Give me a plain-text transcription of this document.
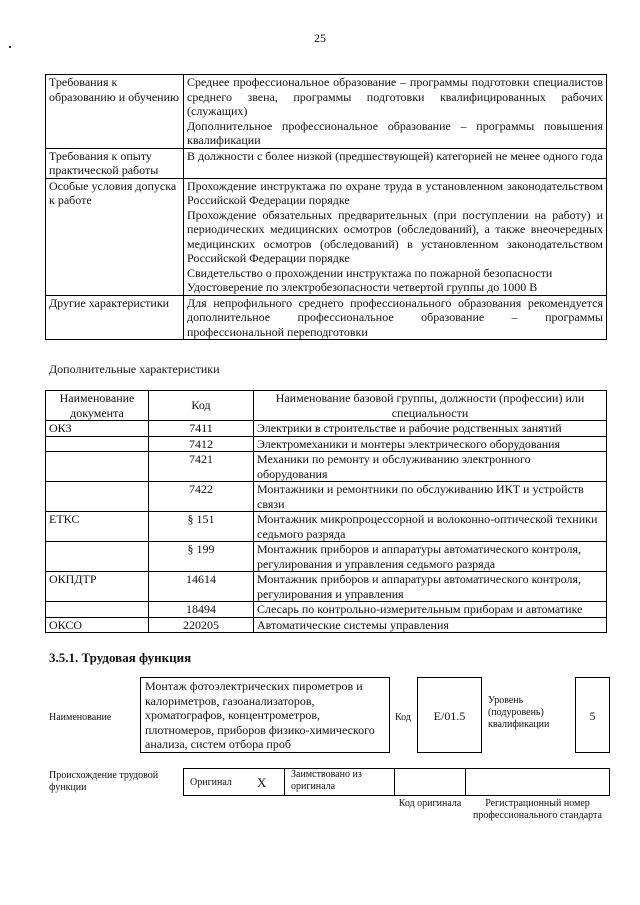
25
Требования к образованию и обучению	Среднее профессиональное образование – программы подготовки специалистов среднего звена, программы подготовки квалифицированных рабочих (служащих)
Дополнительное профессиональное образование – программы повышения квалификации

Требования к опыту практической работы	В должности с более низкой (предшествующей) категорией не менее одного года

Особые условия допуска к работе	Прохождение инструктажа по охране труда в установленном законодательством Российской Федерации порядке
Прохождение обязательных предварительных (при поступлении на работу) и периодических медицинских осмотров (обследований), а также внеочередных медицинских осмотров (обследований) в установленном законодательством Российской Федерации порядке
Свидетельство о прохождении инструктажа по пожарной безопасности
Удостоверение по электробезопасности четвертой группы до 1000 В

Другие характеристики	Для непрофильного среднего профессионального образования рекомендуется дополнительное профессиональное образование – программы профессиональной переподготовки
Дополнительные характеристики
Наименование документа	Код	Наименование базовой группы, должности (профессии) или специальности
ОКЗ	7411	Электрики в строительстве и рабочие родственных занятий
	7412	Электромеханики и монтеры электрического оборудования
	7421	Механики по ремонту и обслуживанию электронного оборудования
	7422	Монтажники и ремонтники по обслуживанию ИКТ и устройств связи
ЕТКС	§ 151	Монтажник микропроцессорной и волоконно-оптической техники седьмого разряда
	§ 199	Монтажник приборов и аппаратуры автоматического контроля, регулирования и управления седьмого разряда
ОКПДТР	14614	Монтажник приборов и аппаратуры автоматического контроля, регулирования и управления
	18494	Слесарь по контрольно-измерительным приборам и автоматике
ОКСО	220205	Автоматические системы управления
3.5.1. Трудовая функция
Наименование
Монтаж фотоэлектрических пирометров и калориметров, газоанализаторов, хроматографов, концентрометров, плотномеров, приборов физико-химического анализа, систем отбора проб
Код	E/01.5
Уровень (подуровень) квалификации
5
Происхождение трудовой функции	Оригинал X
Заимствовано из оригинала
Код оригинала	Регистрационный номер профессионального стандарта
